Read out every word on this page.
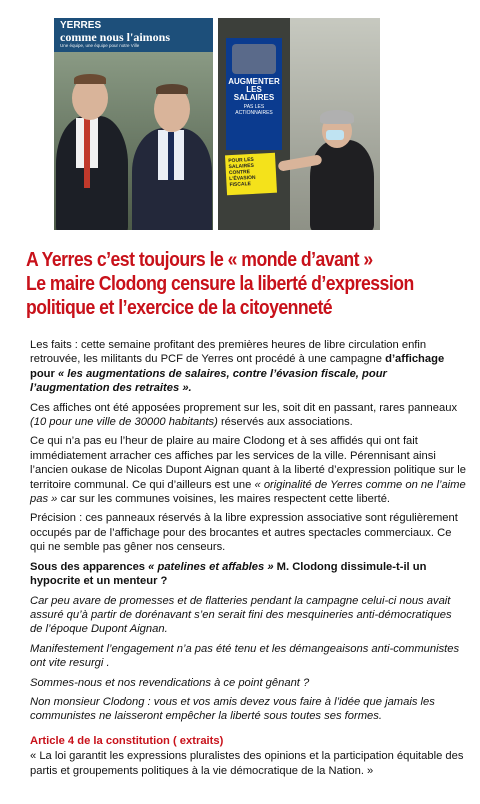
YERRES
comme nous l'aimons
Une équipe, une équipe pour notre Ville
AUGMENTER LES SALAIRES
PAS LES ACTIONNAIRES
POUR LES SALAIRES CONTRE L'ÉVASION FISCALE
A Yerres c’est toujours le « monde d’avant »
Le maire Clodong censure la liberté d’expression
politique et l’exercice de la citoyenneté

Les faits : cette semaine profitant des premières heures de libre circulation enfin retrouvée, les militants du PCF de Yerres ont procédé à une campagne d’affichage pour « les augmentations de salaires, contre l’évasion fiscale, pour l’augmentation des retraites ».

Ces affiches ont été apposées proprement sur les, soit dit en passant, rares panneaux (10 pour une ville de 30000 habitants) réservés aux associations.

Ce qui n’a pas eu l’heur de plaire au maire Clodong et à ses affidés qui ont fait immédiatement arracher ces affiches par les services de la ville. Pérennisant ainsi l’ancien oukase de Nicolas Dupont Aignan quant à la liberté d’expression politique sur le territoire communal. Ce qui d’ailleurs est une « originalité de Yerres comme on ne l’aime pas » car sur les communes voisines, les maires respectent cette liberté.

Précision : ces panneaux réservés à la libre expression associative sont régulièrement occupés par de l’affichage pour des brocantes et autres spectacles commerciaux. Ce qui ne semble pas gêner nos censeurs.

Sous des apparences « patelines et affables » M. Clodong dissimule-t-il un hypocrite et un menteur ?

Car peu avare de promesses et de flatteries pendant la campagne celui-ci nous avait assuré qu’à partir de dorénavant s’en serait fini des mesquineries anti-démocratiques de l’époque Dupont Aignan.

Manifestement l’engagement n’a pas été tenu et les démangeaisons anti-communistes ont vite resurgi .

Sommes-nous et nos revendications à ce point gênant ?

Non monsieur Clodong : vous et vos amis devez vous faire à l’idée que jamais les communistes ne laisseront empêcher la liberté sous toutes ses formes.

Article 4 de la constitution ( extraits)

« La loi garantit les expressions pluralistes des opinions et la participation équitable des partis et groupements politiques à la vie démocratique de la Nation. »
